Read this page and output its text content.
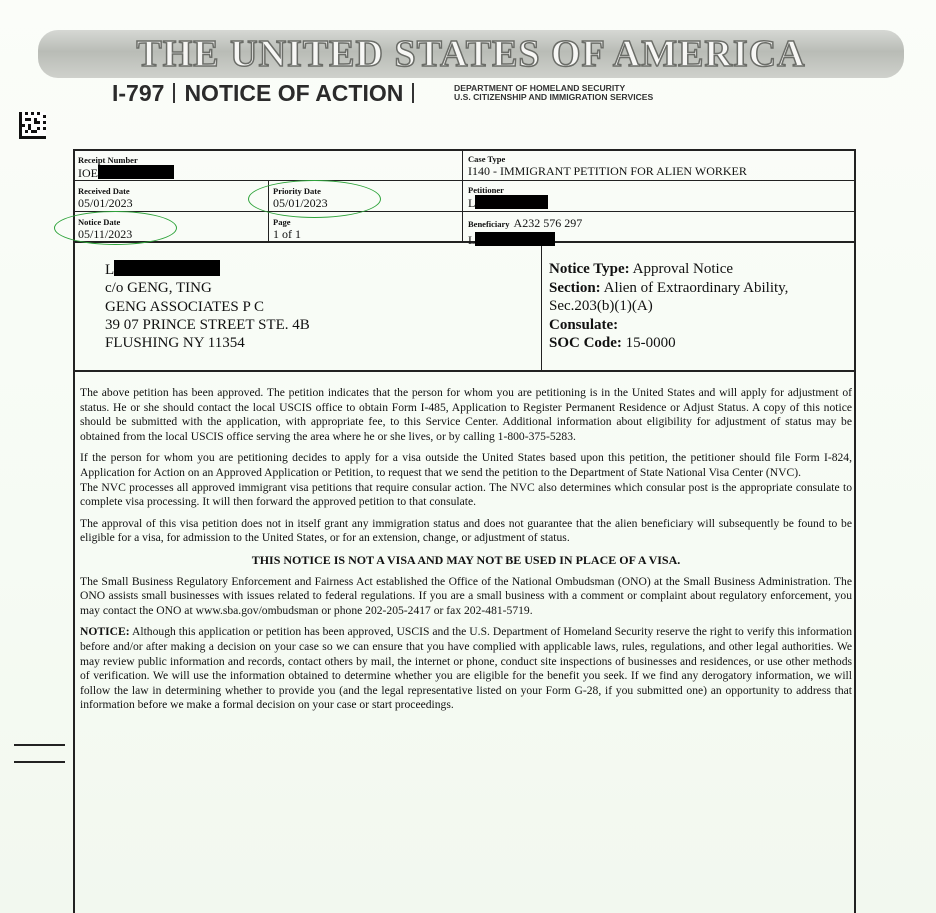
THE UNITED STATES OF AMERICA
I-797 NOTICE OF ACTION	DEPARTMENT OF HOMELAND SECURITY
U.S. CITIZENSHIP AND IMMIGRATION SERVICES
Receipt Number
IOE
Case Type
I140 - IMMIGRANT PETITION FOR ALIEN WORKER
Received Date
05/01/2023
Priority Date
05/01/2023
Petitioner
L
Notice Date
05/11/2023
Page
1 of 1
Beneficiary A232 576 297
L
L
c/o GENG, TING
GENG ASSOCIATES P C
39 07 PRINCE STREET STE. 4B
FLUSHING NY 11354
Notice Type: Approval Notice
Section: Alien of Extraordinary Ability,
Sec.203(b)(1)(A)
Consulate:
SOC Code: 15-0000

The above petition has been approved. The petition indicates that the person for whom you are petitioning is in the United States and will apply for adjustment of status. He or she should contact the local USCIS office to obtain Form I-485, Application to Register Permanent Residence or Adjust Status. A copy of this notice should be submitted with the application, with appropriate fee, to this Service Center. Additional information about eligibility for adjustment of status may be obtained from the local USCIS office serving the area where he or she lives, or by calling 1-800-375-5283.

If the person for whom you are petitioning decides to apply for a visa outside the United States based upon this petition, the petitioner should file Form I-824, Application for Action on an Approved Application or Petition, to request that we send the petition to the Department of State National Visa Center (NVC).

The NVC processes all approved immigrant visa petitions that require consular action. The NVC also determines which consular post is the appropriate consulate to complete visa processing. It will then forward the approved petition to that consulate.

The approval of this visa petition does not in itself grant any immigration status and does not guarantee that the alien beneficiary will subsequently be found to be eligible for a visa, for admission to the United States, or for an extension, change, or adjustment of status.

THIS NOTICE IS NOT A VISA AND MAY NOT BE USED IN PLACE OF A VISA.

The Small Business Regulatory Enforcement and Fairness Act established the Office of the National Ombudsman (ONO) at the Small Business Administration. The ONO assists small businesses with issues related to federal regulations. If you are a small business with a comment or complaint about regulatory enforcement, you may contact the ONO at www.sba.gov/ombudsman or phone 202-205-2417 or fax 202-481-5719.

NOTICE: Although this application or petition has been approved, USCIS and the U.S. Department of Homeland Security reserve the right to verify this information before and/or after making a decision on your case so we can ensure that you have complied with applicable laws, rules, regulations, and other legal authorities. We may review public information and records, contact others by mail, the internet or phone, conduct site inspections of businesses and residences, or use other methods of verification. We will use the information obtained to determine whether you are eligible for the benefit you seek. If we find any derogatory information, we will follow the law in determining whether to provide you (and the legal representative listed on your Form G-28, if you submitted one) an opportunity to address that information before we make a formal decision on your case or start proceedings.
